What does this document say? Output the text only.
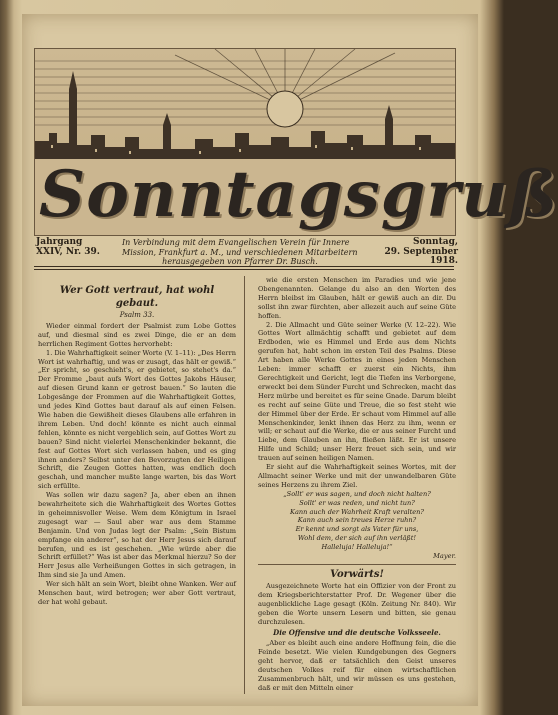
Sonntagsgruß
Jahrgang
XXIV, Nr. 39.
In Verbindung mit dem Evangelischen Verein für Innere
Mission, Frankfurt a. M., und verschiedenen Mitarbeitern
herausgegeben von Pfarrer Dr. Busch.
Sonntag,
29. September 1918.
Wer Gott vertraut, hat wohl gebaut.
Psalm 33.

Wieder einmal fordert der Psalmist zum Lobe Gottes auf, und diesmal sind es zwei Dinge, die er an dem herrlichen Regiment Gottes hervorhebt:

1. Die Wahrhaftigkeit seiner Worte (V. 1–11): „Des Herrn Wort ist wahrhaftig, und was er zusagt, das hält er gewiß.“ „Er spricht, so geschieht's, er gebietet, so stehet's da.“ Der Fromme „baut aufs Wort des Gottes Jakobs Häuser, auf diesen Grund kann er getrost bauen.“ So lauten die Lobgesänge der Frommen auf die Wahrhaftigkeit Gottes, und jedes Kind Gottes baut darauf als auf einen Felsen. Wie haben die Gewißheit dieses Glaubens alle erfahren in ihrem Leben. Und doch! könnte es nicht auch einmal fehlen, könnte es nicht vergeblich sein, auf Gottes Wort zu bauen? Sind nicht vielerlei Menschenkinder bekannt, die fest auf Gottes Wort sich verlassen haben, und es ging ihnen anders? Selbst unter den Bevorzugten der Heiligen Schrift, die Zeugen Gottes hatten, was endlich doch geschah, und mancher mußte lange warten, bis das Wort sich erfüllte.

Was sollen wir dazu sagen? Ja, aber eben an ihnen bewahrheitete sich die Wahrhaftigkeit des Wortes Gottes in geheimnisvoller Weise. Wem dem Königtum in Israel zugesagt war — Saul aber war aus dem Stamme Benjamin. Und von Judas legt der Psalm: „Sein Bistum empfange ein anderer“, so hat der Herr Jesus sich darauf berufen, und es ist geschehen. „Wie würde aber die Schrift erfüllet?“ Was ist aber das Merkmal hierzu? So der Herr Jesus alle Verheißungen Gottes in sich getragen, in Ihm sind sie Ja und Amen.

Wer sich hält an sein Wort, bleibt ohne Wanken. Wer auf Menschen baut, wird betrogen; wer aber Gott vertraut, der hat wohl gebaut.

wie die ersten Menschen im Paradies und wie jene Obengenannten. Gelange du also an den Worten des Herrn bleibst im Glauben, hält er gewiß auch an dir. Du sollst ihn zwar fürchten, aber allezeit auch auf seine Güte hoffen.

2. Die Allmacht und Güte seiner Werke (V. 12–22). Wie Gottes Wort allmächtig schafft und gebietet auf dem Erdboden, wie es Himmel und Erde aus dem Nichts gerufen hat, habt schon im ersten Teil des Psalms. Diese Art haben alle Werke Gottes in eines jeden Menschen Leben: immer schafft er zuerst ein Nichts, ihm Gerechtigkeit und Gericht, legt die Tiefen ins Verborgene, erweckt bei dem Sünder Furcht und Schrecken, macht das Herz mürbe und bereitet es für seine Gnade. Darum bleibt es recht auf seine Güte und Treue, die so fest steht wie der Himmel über der Erde. Er schaut vom Himmel auf alle Menschenkinder, lenkt ihnen das Herz zu ihm, wenn er will; er schaut auf die Werke, die er aus seiner Furcht und Liebe, dem Glauben an ihn, fließen läßt. Er ist unsere Hilfe und Schild; unser Herz freuet sich sein, und wir trauen auf seinen heiligen Namen.

Er sieht auf die Wahrhaftigkeit seines Wortes, mit der Allmacht seiner Werke und mit der unwandelbaren Güte seines Herzens zu ihrem Ziel.

„Sollt' er was sagen, und doch nicht halten?

Sollt' er was reden, und nicht tun?

Kann auch der Wahrheit Kraft veralten?

Kann auch sein treues Herze ruhn?

Er kennt und sorgt als Vater für uns,

Wohl dem, der sich auf ihn verläßt!

Halleluja! Halleluja!“

Mayer.
Vorwärts!

Ausgezeichnete Worte hat ein Offizier von der Front zu dem Kriegsberichterstatter Prof. Dr. Wegener über die augenblickliche Lage gesagt (Köln. Zeitung Nr. 840). Wir geben die Worte unsern Lesern und bitten, sie genau durchzulesen.

Die Offensive und die deutsche Volksseele.

„Aber es bleibt auch eine andere Hoffnung fein, die die Feinde besetzt. Wie vielen Kundgebungen des Gegners geht hervor, daß er tatsächlich den Geist unseres deutschen Volkes reif für einen wirtschaftlichen Zusammenbruch hält, und wir müssen es uns gestehen, daß er mit den Mitteln einer
